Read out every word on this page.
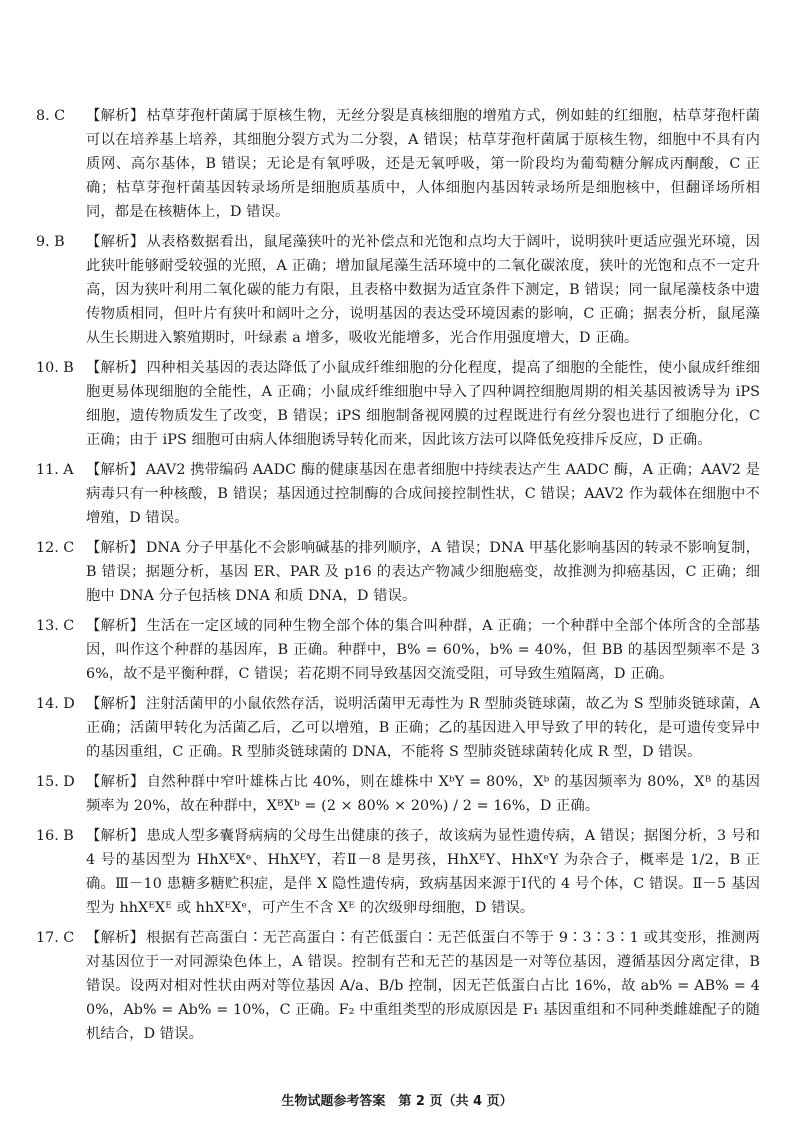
8. C	【解析】 枯草芽孢杆菌属于原核生物，无丝分裂是真核细胞的增殖方式，例如蛙的红细胞，枯草芽孢杆菌可以在培养基上培养，其细胞分裂方式为二分裂，A 错误；枯草芽孢杆菌属于原核生物，细胞中不具有内质网、高尔基体，B 错误；无论是有氧呼吸，还是无氧呼吸，第一阶段均为葡萄糖分解成丙酮酸，C 正确；枯草芽孢杆菌基因转录场所是细胞质基质中，人体细胞内基因转录场所是细胞核中，但翻译场所相同，都是在核糖体上，D 错误。
9. B	【解析】 从表格数据看出，鼠尾藻狭叶的光补偿点和光饱和点均大于阔叶，说明狭叶更适应强光环境，因此狭叶能够耐受较强的光照，A 正确；增加鼠尾藻生活环境中的二氧化碳浓度，狭叶的光饱和点不一定升高，因为狭叶利用二氧化碳的能力有限，且表格中数据为适宜条件下测定，B 错误；同一鼠尾藻枝条中遗传物质相同，但叶片有狭叶和阔叶之分，说明基因的表达受环境因素的影响，C 正确；据表分析，鼠尾藻从生长期进入繁殖期时，叶绿素 a 增多，吸收光能增多，光合作用强度增大，D 正确。
10. B 【解析】 四种相关基因的表达降低了小鼠成纤维细胞的分化程度，提高了细胞的全能性，使小鼠成纤维细胞更易体现细胞的全能性，A 正确；小鼠成纤维细胞中导入了四种调控细胞周期的相关基因被诱导为 iPS 细胞，遗传物质发生了改变，B 错误；iPS 细胞制备视网膜的过程既进行有丝分裂也进行了细胞分化，C 正确；由于 iPS 细胞可由病人体细胞诱导转化而来，因此该方法可以降低免疫排斥反应，D 正确。
11. A 【解析】 AAV2 携带编码 AADC 酶的健康基因在患者细胞中持续表达产生 AADC 酶，A 正确；AAV2 是病毒只有一种核酸，B 错误；基因通过控制酶的合成间接控制性状，C 错误；AAV2 作为载体在细胞中不增殖，D 错误。
12. C 【解析】 DNA 分子甲基化不会影响碱基的排列顺序，A 错误；DNA 甲基化影响基因的转录不影响复制，B 错误；据题分析，基因 ER、PAR 及 p16 的表达产物减少细胞癌变，故推测为抑癌基因，C 正确；细胞中 DNA 分子包括核 DNA 和质 DNA，D 错误。
13. C 【解析】 生活在一定区域的同种生物全部个体的集合叫种群，A 正确；一个种群中全部个体所含的全部基因，叫作这个种群的基因库，B 正确。种群中，B% = 60%，b% = 40%，但 BB 的基因型频率不是 36%，故不是平衡种群，C 错误；若花期不同导致基因交流受阻，可导致生殖隔离，D 正确。
14. D 【解析】 注射活菌甲的小鼠依然存活，说明活菌甲无毒性为 R 型肺炎链球菌，故乙为 S 型肺炎链球菌，A 正确；活菌甲转化为活菌乙后，乙可以增殖，B 正确；乙的基因进入甲导致了甲的转化，是可遗传变异中的基因重组，C 正确。R 型肺炎链球菌的 DNA，不能将 S 型肺炎链球菌转化成 R 型，D 错误。
15. D 【解析】 自然种群中窄叶雄株占比 40%，则在雄株中 XᵇY = 80%，Xᵇ 的基因频率为 80%，Xᴮ 的基因频率为 20%，故在种群中，XᴮXᵇ = (2 × 80% × 20%) / 2 = 16%，D 正确。
16. B 【解析】 患成人型多囊肾病病的父母生出健康的孩子，故该病为显性遗传病，A 错误；据图分析，3 号和 4 号的基因型为 HhXᴱXᵉ、HhXᴱY，若Ⅱ－8 是男孩，HhXᴱY、HhXᵉY 为杂合子，概率是 1/2，B 正确。Ⅲ－10 患糖多糖贮积症，是伴 X 隐性遗传病，致病基因来源于Ⅰ代的 4 号个体，C 错误。Ⅱ－5 基因型为 hhXᴱXᴱ 或 hhXᴱXᵉ，可产生不含 Xᴱ 的次级卵母细胞，D 错误。
17. C 【解析】 根据有芒高蛋白∶无芒高蛋白∶有芒低蛋白∶无芒低蛋白不等于 9∶3∶3∶1 或其变形，推测两对基因位于一对同源染色体上，A 错误。控制有芒和无芒的基因是一对等位基因，遵循基因分离定律，B 错误。设两对相对性状由两对等位基因 A/a、B/b 控制，因无芒低蛋白占比 16%，故 ab% = AB% = 40%，Ab% = Ab% = 10%，C 正确。F₂ 中重组类型的形成原因是 F₁ 基因重组和不同种类雌雄配子的随机结合，D 错误。
生物试题参考答案　第 2 页（共 4 页）
